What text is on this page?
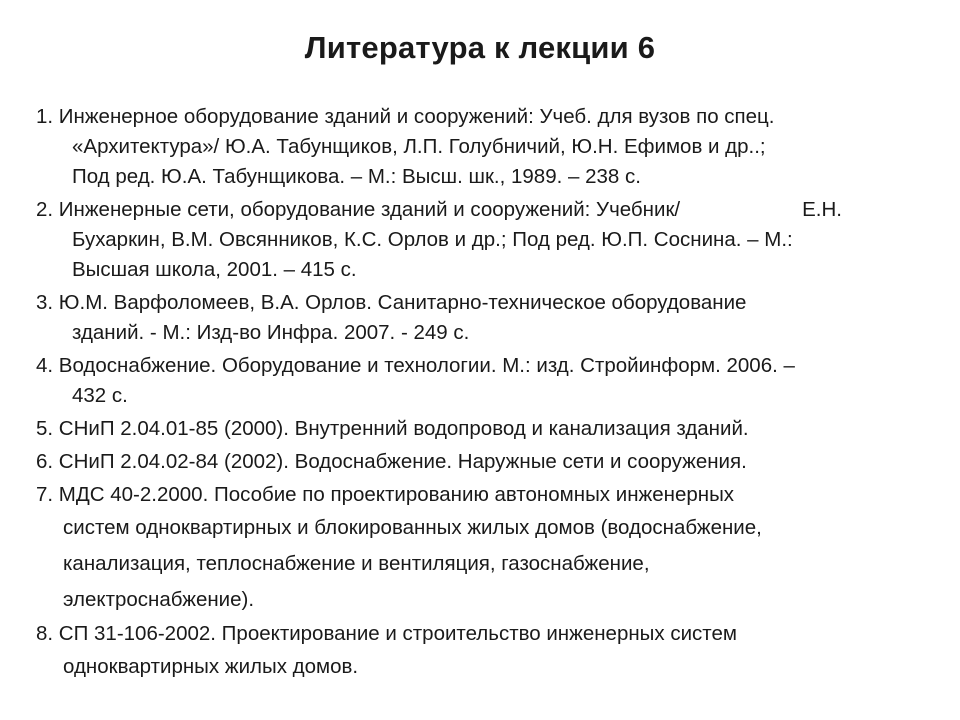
Литература к лекции 6
1. Инженерное оборудование зданий и сооружений: Учеб. для вузов по спец.
«Архитектура»/ Ю.А. Табунщиков, Л.П. Голубничий, Ю.Н. Ефимов и др..;
Под ред. Ю.А. Табунщикова. – М.: Высш. шк., 1989. – 238 с.
2. Инженерные сети, оборудование зданий и сооружений: Учебник/	Е.Н.
Бухаркин, В.М. Овсянников, К.С. Орлов и др.; Под ред. Ю.П. Соснина. – М.:
Высшая школа, 2001. – 415 с.
3. Ю.М. Варфоломеев, В.А. Орлов. Санитарно-техническое оборудование
зданий. - М.: Изд-во Инфра. 2007. - 249 с.
4. Водоснабжение. Оборудование и технологии. М.: изд. Стройинформ. 2006. –
432 с.
5. СНиП 2.04.01-85 (2000). Внутренний водопровод и канализация зданий.
6. СНиП 2.04.02-84 (2002). Водоснабжение. Наружные сети и сооружения.
7. МДС 40-2.2000. Пособие по проектированию автономных инженерных
систем одноквартирных и блокированных жилых домов (водоснабжение,
канализация, теплоснабжение и вентиляция, газоснабжение,
электроснабжение).
8. СП 31-106-2002. Проектирование и строительство инженерных систем
одноквартирных жилых домов.
